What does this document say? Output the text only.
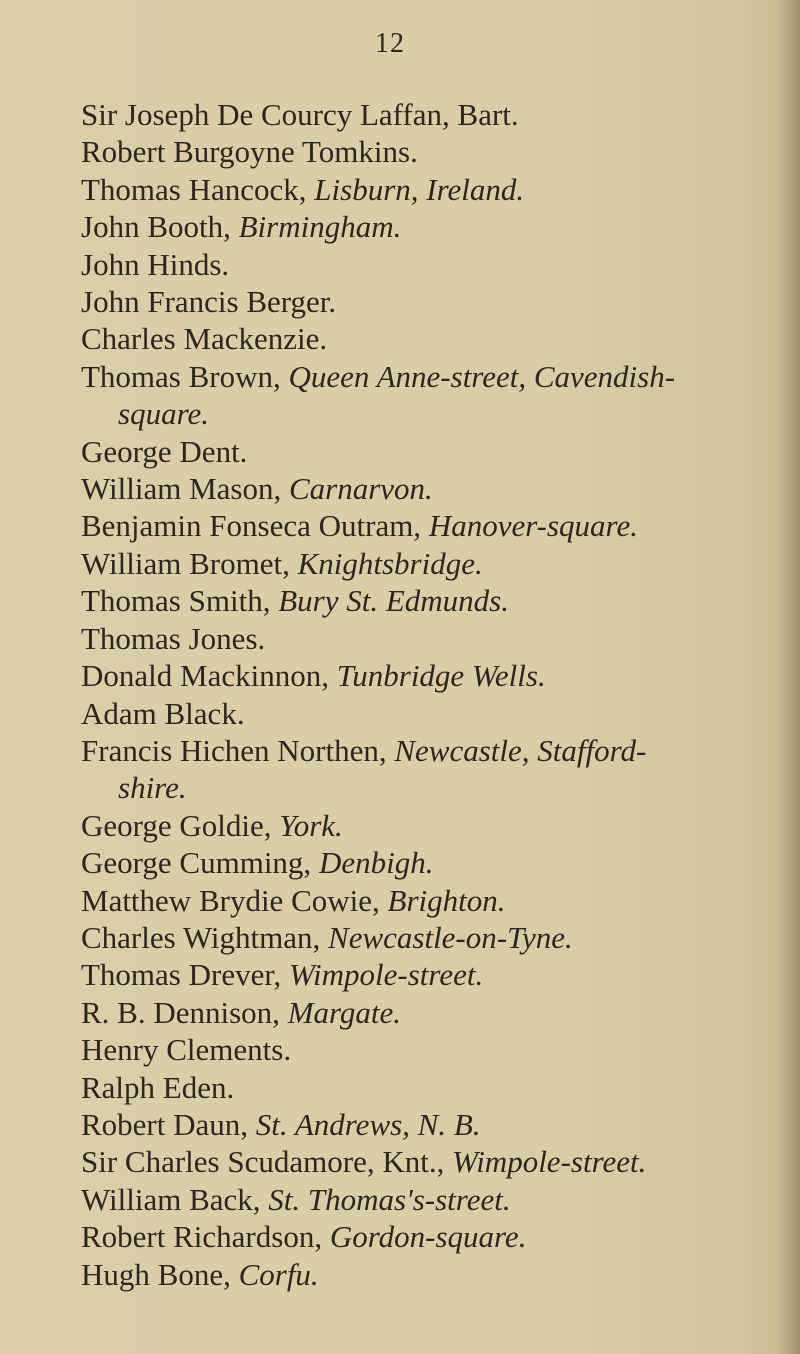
12
Sir Joseph De Courcy Laffan, Bart.
Robert Burgoyne Tomkins.
Thomas Hancock, Lisburn, Ireland.
John Booth, Birmingham.
John Hinds.
John Francis Berger.
Charles Mackenzie.
Thomas Brown, Queen Anne-street, Cavendish-
square.
George Dent.
William Mason, Carnarvon.
Benjamin Fonseca Outram, Hanover-square.
William Bromet, Knightsbridge.
Thomas Smith, Bury St. Edmunds.
Thomas Jones.
Donald Mackinnon, Tunbridge Wells.
Adam Black.
Francis Hichen Northen, Newcastle, Stafford-
shire.
George Goldie, York.
George Cumming, Denbigh.
Matthew Brydie Cowie, Brighton.
Charles Wightman, Newcastle-on-Tyne.
Thomas Drever, Wimpole-street.
R. B. Dennison, Margate.
Henry Clements.
Ralph Eden.
Robert Daun, St. Andrews, N. B.
Sir Charles Scudamore, Knt., Wimpole-street.
William Back, St. Thomas's-street.
Robert Richardson, Gordon-square.
Hugh Bone, Corfu.
